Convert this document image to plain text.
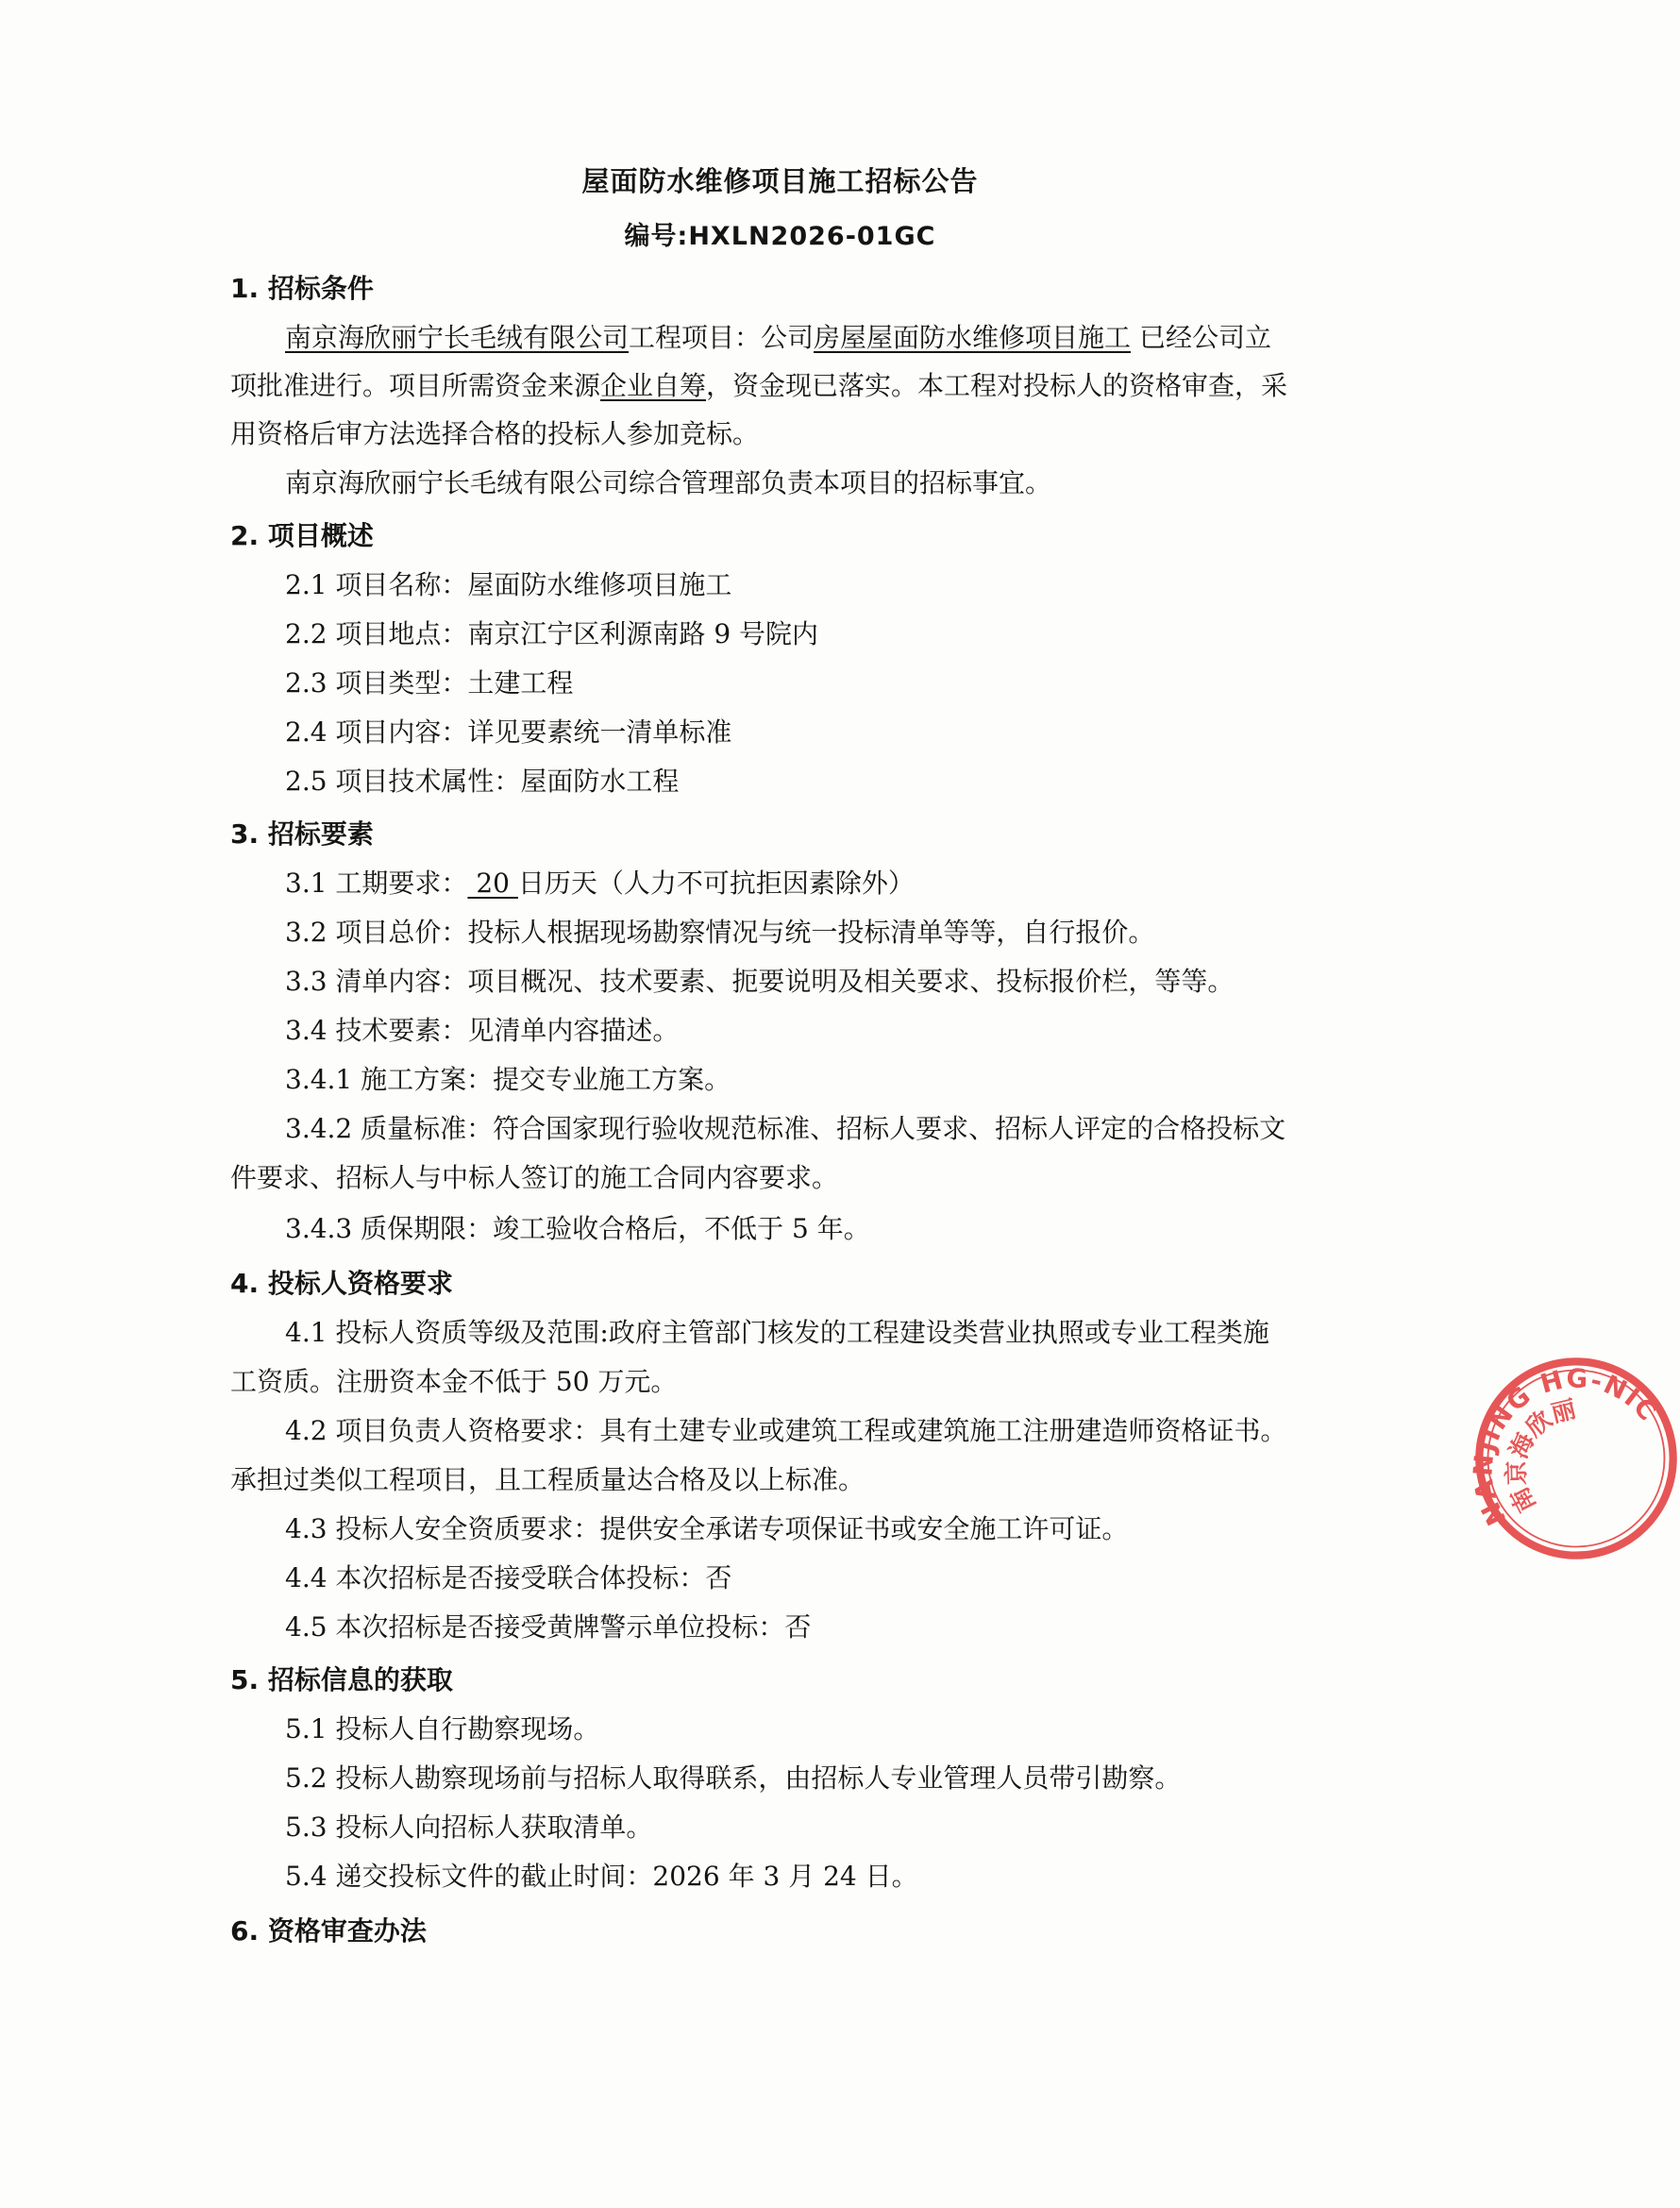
屋面防水维修项目施工招标公告
编号:HXLN2026-01GC
1. 招标条件
南京海欣丽宁长毛绒有限公司工程项目：公司房屋屋面防水维修项目施工 已经公司立
项批准进行。项目所需资金来源企业自筹，资金现已落实。本工程对投标人的资格审查，采
用资格后审方法选择合格的投标人参加竞标。
南京海欣丽宁长毛绒有限公司综合管理部负责本项目的招标事宜。
2. 项目概述
2.1 项目名称：屋面防水维修项目施工
2.2 项目地点：南京江宁区利源南路 9 号院内
2.3 项目类型：土建工程
2.4 项目内容：详见要素统一清单标准
2.5 项目技术属性：屋面防水工程
3. 招标要素
3.1 工期要求： 20 日历天（人力不可抗拒因素除外）
3.2 项目总价：投标人根据现场勘察情况与统一投标清单等等，自行报价。
3.3 清单内容：项目概况、技术要素、扼要说明及相关要求、投标报价栏，等等。
3.4 技术要素：见清单内容描述。
3.4.1 施工方案：提交专业施工方案。
3.4.2 质量标准：符合国家现行验收规范标准、招标人要求、招标人评定的合格投标文
件要求、招标人与中标人签订的施工合同内容要求。
3.4.3 质保期限：竣工验收合格后，不低于 5 年。
4. 投标人资格要求
4.1 投标人资质等级及范围:政府主管部门核发的工程建设类营业执照或专业工程类施
工资质。注册资本金不低于 50 万元。
4.2 项目负责人资格要求：具有土建专业或建筑工程或建筑施工注册建造师资格证书。
承担过类似工程项目，且工程质量达合格及以上标准。
4.3 投标人安全资质要求：提供安全承诺专项保证书或安全施工许可证。
4.4 本次招标是否接受联合体投标：否
4.5 本次招标是否接受黄牌警示单位投标：否
5. 招标信息的获取
5.1 投标人自行勘察现场。
5.2 投标人勘察现场前与招标人取得联系，由招标人专业管理人员带引勘察。
5.3 投标人向招标人获取清单。
5.4 递交投标文件的截止时间：2026 年 3 月 24 日。
6. 资格审查办法
NANJING HG-NICE C
南京海欣丽
